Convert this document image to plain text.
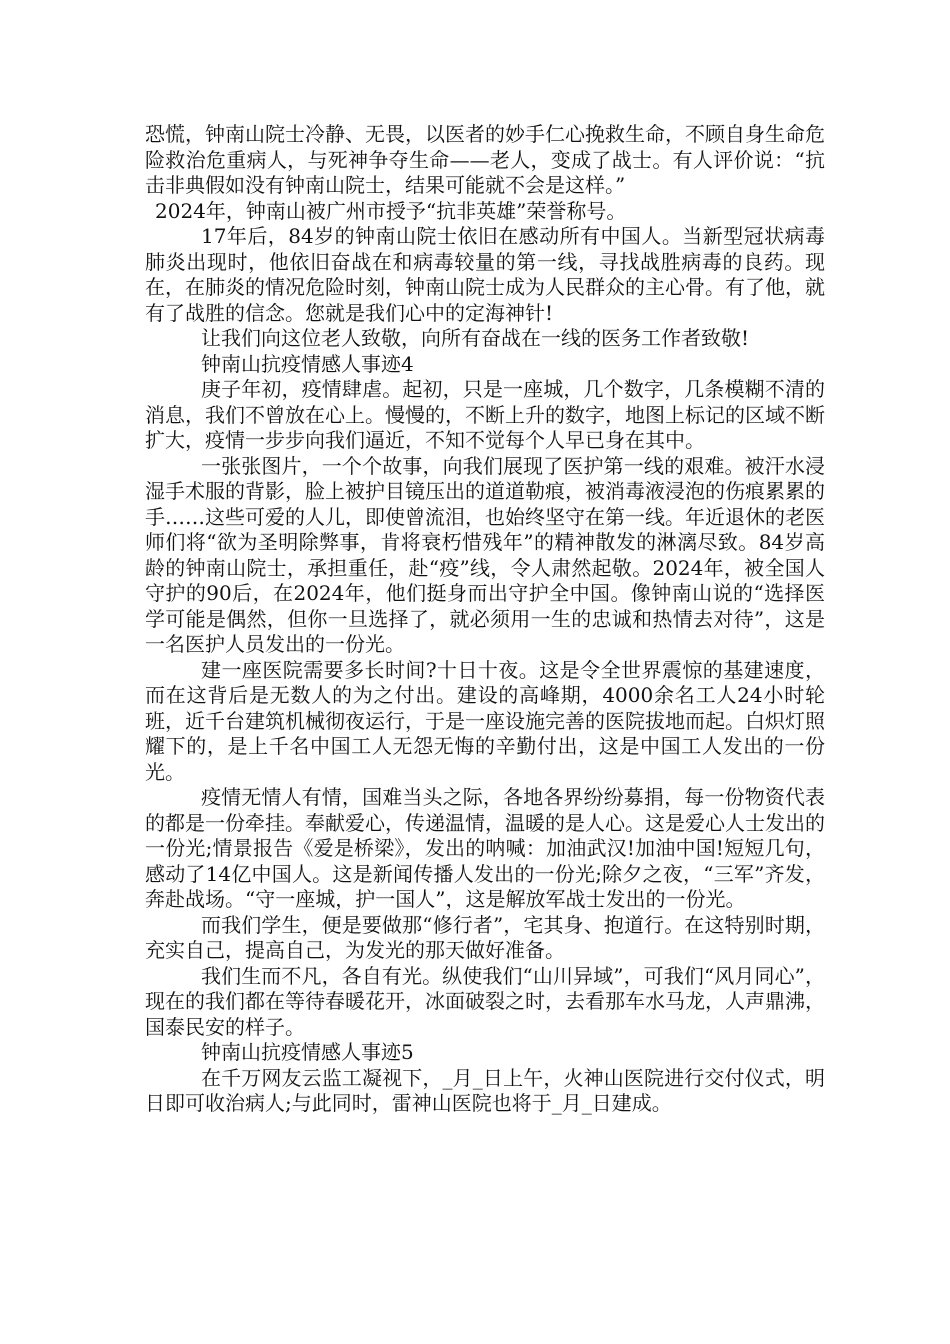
恐慌，钟南山院士冷静、无畏，以医者的妙手仁心挽救生命，不顾自身生命危险救治危重病人，与死神争夺生命——老人，变成了战士。有人评价说：“抗击非典假如没有钟南山院士，结果可能就不会是这样。”

2024年，钟南山被广州市授予“抗非英雄”荣誉称号。

17年后，84岁的钟南山院士依旧在感动所有中国人。当新型冠状病毒肺炎出现时，他依旧奋战在和病毒较量的第一线，寻找战胜病毒的良药。现在，在肺炎的情况危险时刻，钟南山院士成为人民群众的主心骨。有了他，就有了战胜的信念。您就是我们心中的定海神针!

让我们向这位老人致敬，向所有奋战在一线的医务工作者致敬!

钟南山抗疫情感人事迹4

庚子年初，疫情肆虐。起初，只是一座城，几个数字，几条模糊不清的消息，我们不曾放在心上。慢慢的，不断上升的数字，地图上标记的区域不断扩大，疫情一步步向我们逼近，不知不觉每个人早已身在其中。

一张张图片，一个个故事，向我们展现了医护第一线的艰难。被汗水浸湿手术服的背影，脸上被护目镜压出的道道勒痕，被消毒液浸泡的伤痕累累的手……这些可爱的人儿，即使曾流泪，也始终坚守在第一线。年近退休的老医师们将“欲为圣明除弊事，肯将衰朽惜残年”的精神散发的淋漓尽致。84岁高龄的钟南山院士，承担重任，赴“疫”线，令人肃然起敬。2024年，被全国人守护的90后，在2024年，他们挺身而出守护全中国。像钟南山说的“选择医学可能是偶然，但你一旦选择了，就必须用一生的忠诚和热情去对待”，这是一名医护人员发出的一份光。

建一座医院需要多长时间?十日十夜。这是令全世界震惊的基建速度，而在这背后是无数人的为之付出。建设的高峰期，4000余名工人24小时轮班，近千台建筑机械彻夜运行，于是一座设施完善的医院拔地而起。白炽灯照耀下的，是上千名中国工人无怨无悔的辛勤付出，这是中国工人发出的一份光。

疫情无情人有情，国难当头之际，各地各界纷纷募捐，每一份物资代表的都是一份牵挂。奉献爱心，传递温情，温暖的是人心。这是爱心人士发出的一份光;情景报告《爱是桥梁》，发出的呐喊：加油武汉!加油中国!短短几句，感动了14亿中国人。这是新闻传播人发出的一份光;除夕之夜，“三军”齐发，奔赴战场。“守一座城，护一国人”，这是解放军战士发出的一份光。

而我们学生，便是要做那“修行者”，宅其身、抱道行。在这特别时期，充实自己，提高自己，为发光的那天做好准备。

我们生而不凡，各自有光。纵使我们“山川异域”，可我们“风月同心”，现在的我们都在等待春暖花开，冰面破裂之时，去看那车水马龙，人声鼎沸，国泰民安的样子。

钟南山抗疫情感人事迹5

在千万网友云监工凝视下，_月_日上午，火神山医院进行交付仪式，明日即可收治病人;与此同时，雷神山医院也将于_月_日建成。
